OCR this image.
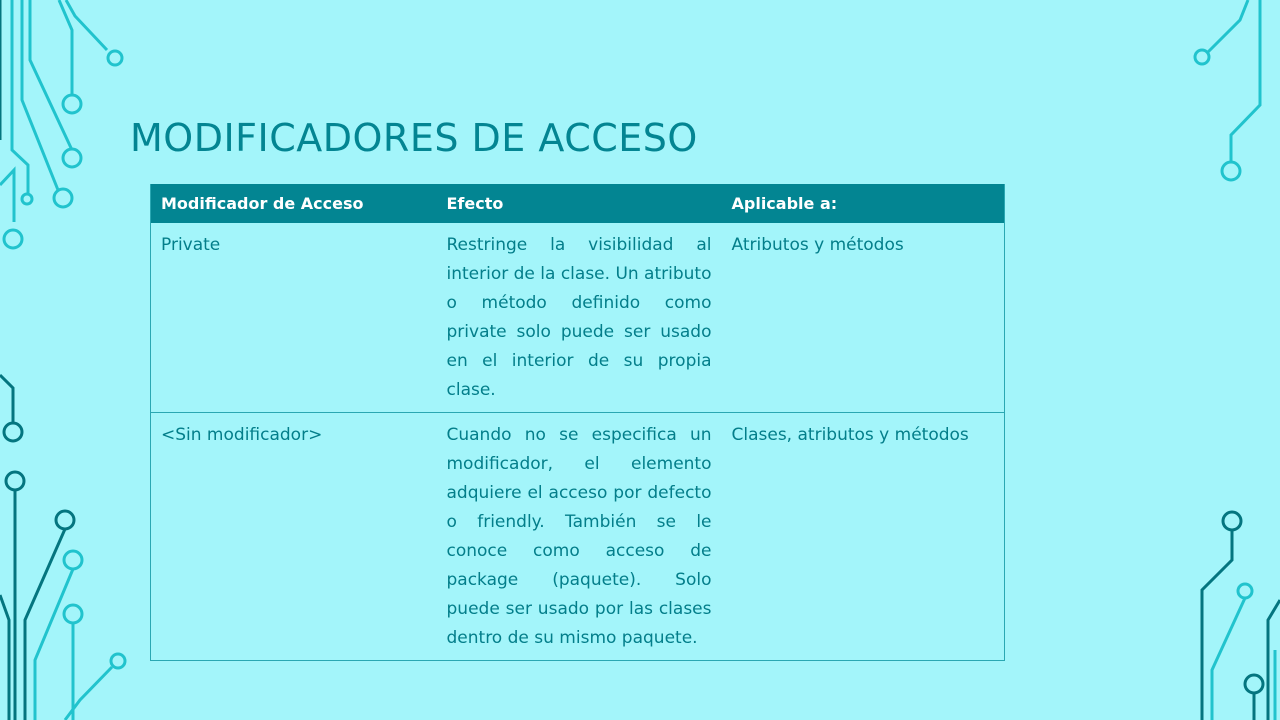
MODIFICADORES DE ACCESO
Modificador de Acceso	Efecto	Aplicable a:
Private	Restringe la visibilidad al interior de la clase. Un atributo o método definido como private solo puede ser usado en el interior de su propia clase.	Atributos y métodos
<Sin modificador>	Cuando no se especifica un modificador, el elemento adquiere el acceso por defecto o friendly. También se le conoce como acceso de package (paquete). Solo puede ser usado por las clases dentro de su mismo paquete.	Clases, atributos y métodos
